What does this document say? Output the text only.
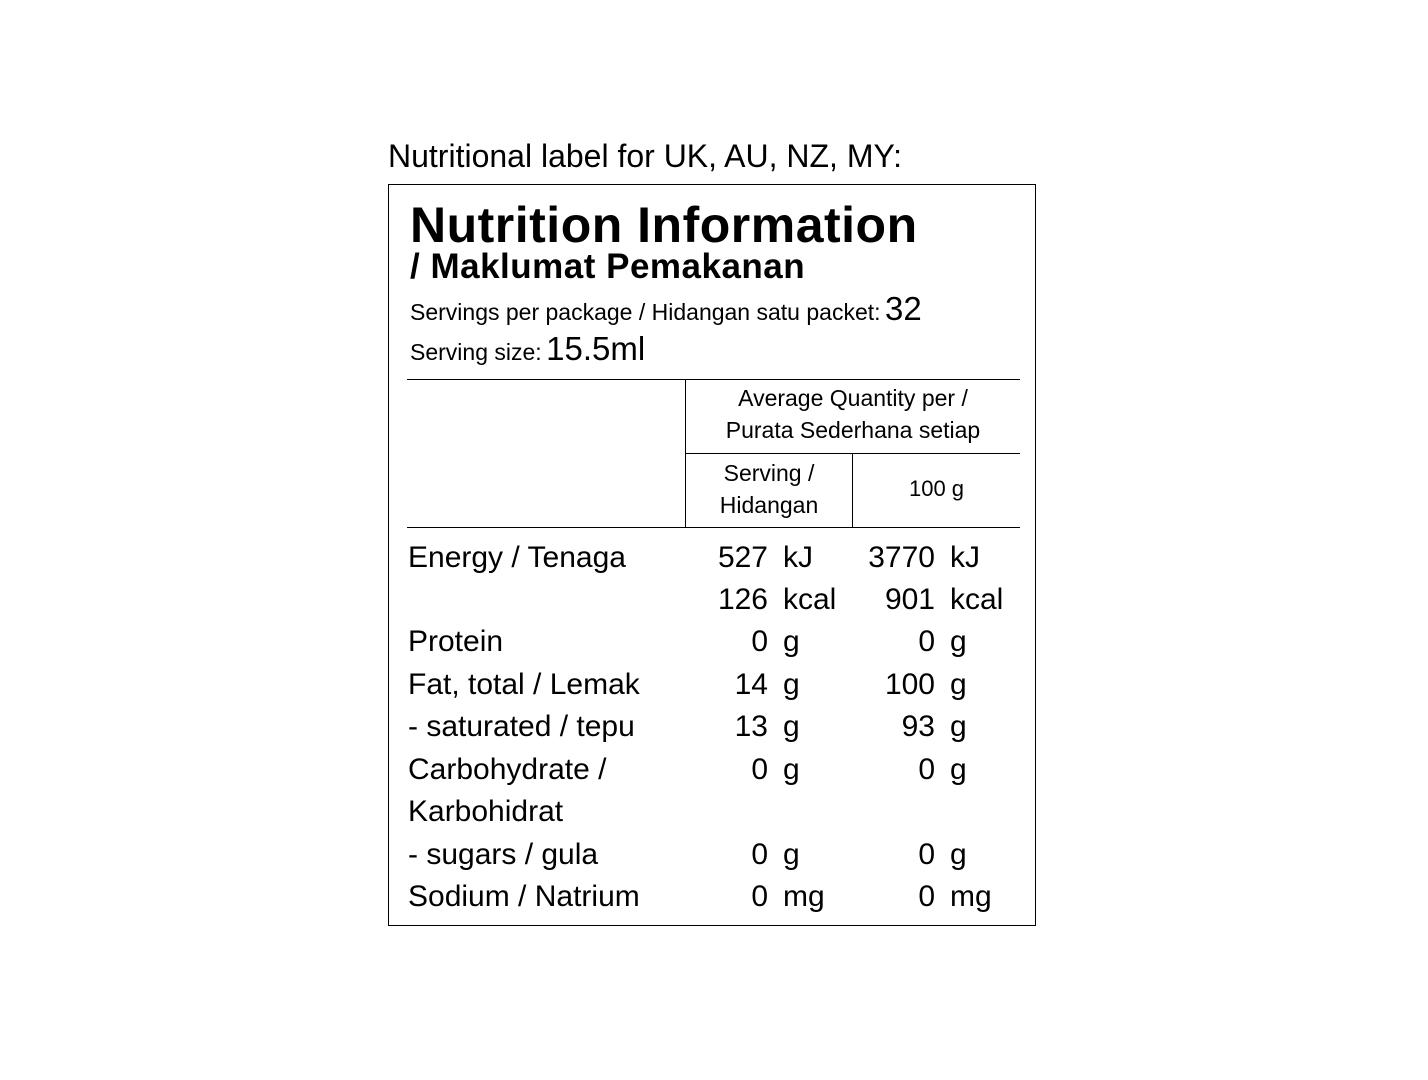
Nutritional label for UK, AU, NZ, MY:
Nutrition Information
/ Maklumat Pemakanan
Servings per package / Hidangan satu packet: 32
Serving size: 15.5ml
Average Quantity per /
Purata Sederhana setiap
Serving /
Hidangan
100 g
Energy / Tenaga	527 kJ 3770 kJ
126 kcal 901 kcal
Protein	0 g	0 g
Fat, total / Lemak	14 g	100 g
- saturated / tepu	13 g	93 g
Carbohydrate /	0 g	0 g
Karbohidrat
- sugars / gula	0 g	0 g
Sodium / Natrium	0 mg	0 mg
